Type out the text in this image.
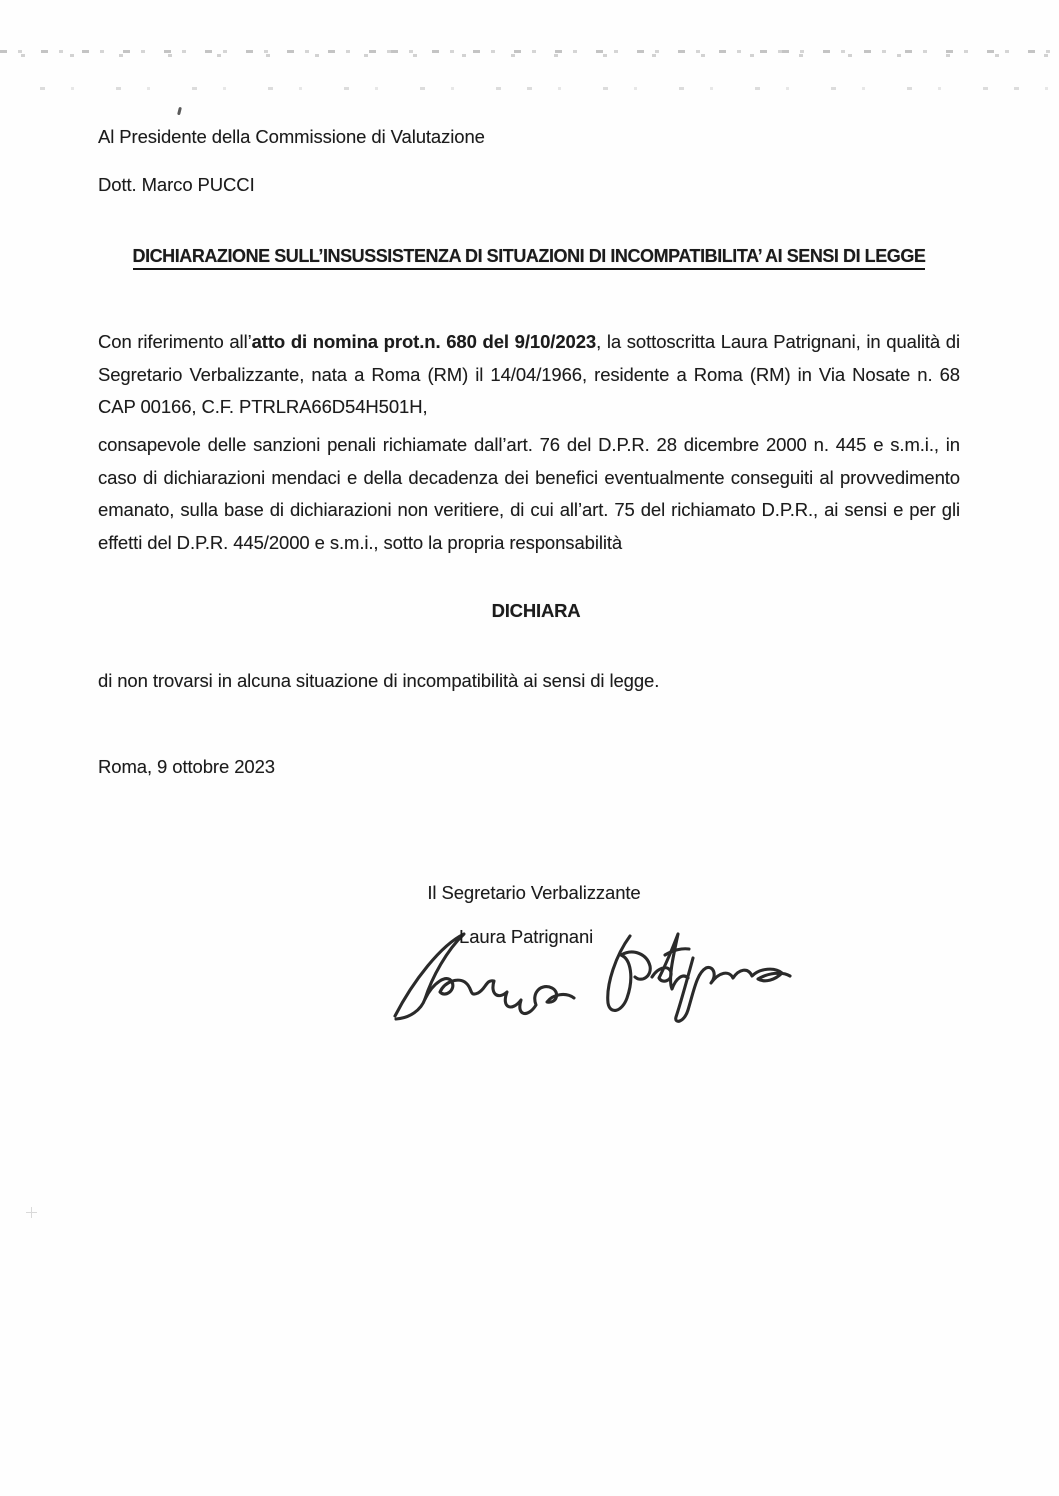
Al Presidente della Commissione di Valutazione
Dott. Marco PUCCI
DICHIARAZIONE SULL’INSUSSISTENZA DI SITUAZIONI DI INCOMPATIBILITA’ AI SENSI DI LEGGE
Con riferimento all’atto di nomina prot.n. 680 del 9/10/2023, la sottoscritta Laura Patrignani, in qualità di Segretario Verbalizzante, nata a Roma (RM) il 14/04/1966, residente a Roma (RM) in Via Nosate n. 68 CAP 00166, C.F. PTRLRA66D54H501H,
consapevole delle sanzioni penali richiamate dall’art. 76 del D.P.R. 28 dicembre 2000 n. 445 e s.m.i., in caso di dichiarazioni mendaci e della decadenza dei benefici eventualmente conseguiti al provvedimento emanato, sulla base di dichiarazioni non veritiere, di cui all’art. 75 del richiamato D.P.R., ai sensi e per gli effetti del D.P.R. 445/2000 e s.m.i., sotto la propria responsabilità
DICHIARA
di non trovarsi in alcuna situazione di incompatibilità ai sensi di legge.
Roma, 9 ottobre 2023
Il Segretario Verbalizzante
Laura Patrignani
